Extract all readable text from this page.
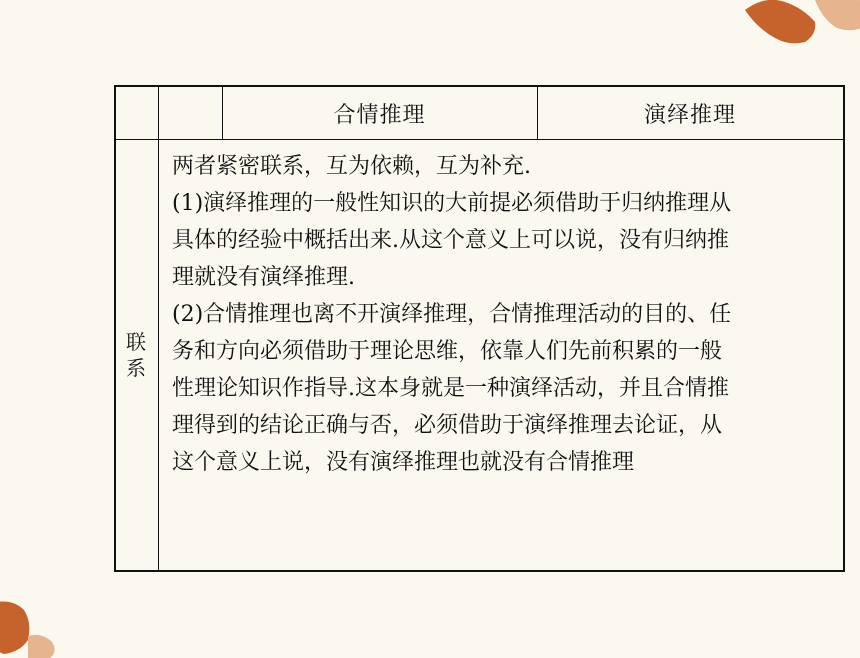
合情推理	演绎推理
联
系
两者紧密联系，互为依赖，互为补充.
(1)演绎推理的一般性知识的大前提必须借助于归纳推理从
具体的经验中概括出来.从这个意义上可以说，没有归纳推
理就没有演绎推理.
(2)合情推理也离不开演绎推理，合情推理活动的目的、任
务和方向必须借助于理论思维，依靠人们先前积累的一般
性理论知识作指导.这本身就是一种演绎活动，并且合情推
理得到的结论正确与否，必须借助于演绎推理去论证，从
这个意义上说，没有演绎推理也就没有合情推理
